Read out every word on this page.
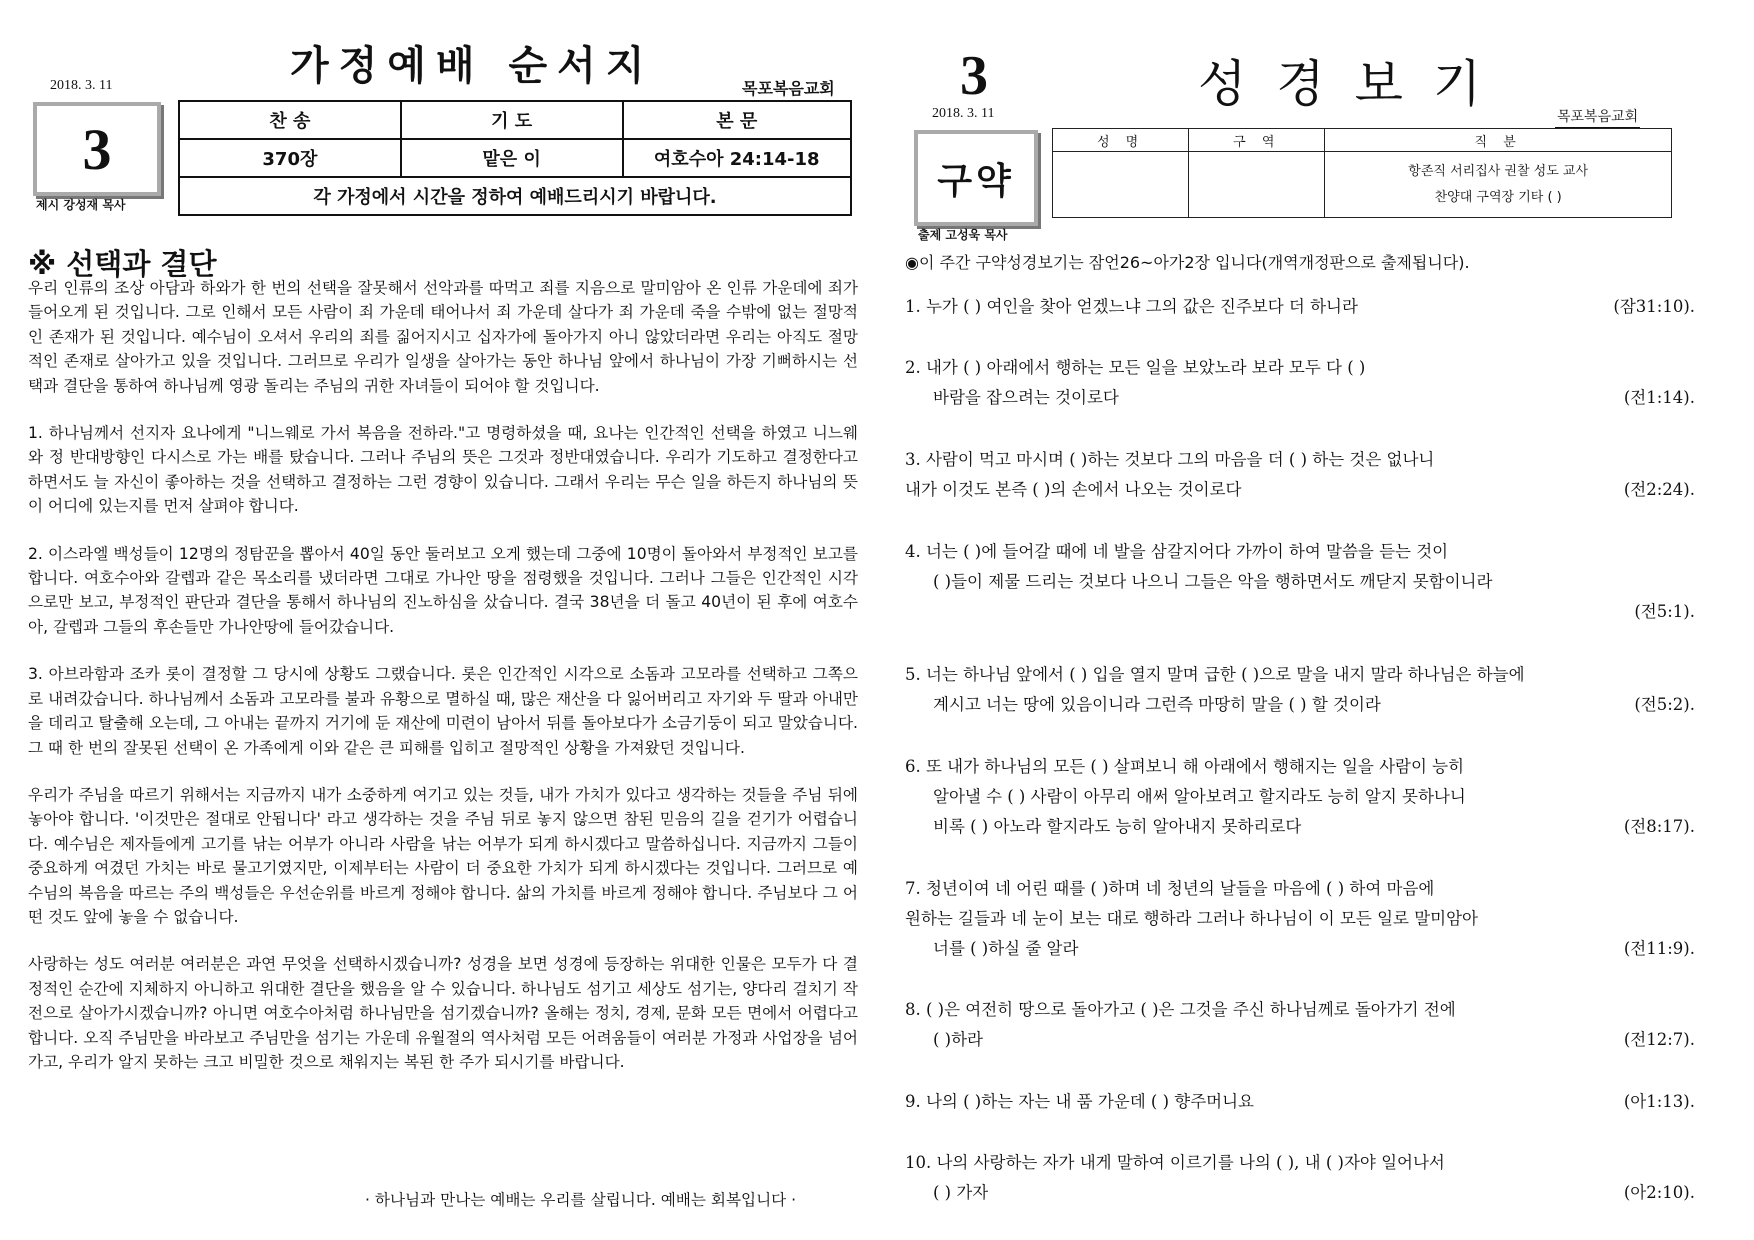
가정예배 순서지
2018. 3. 11	목포복음교회
3
제시 강성재 목사
찬 송	기 도	본 문
370장	맡은 이	여호수아 24:14-18
각 가정에서 시간을 정하여 예배드리시기 바랍니다.		
※ 선택과 결단

우리 인류의 조상 아담과 하와가 한 번의 선택을 잘못해서 선악과를 따먹고 죄를 지음으로 말미암아 온 인류 가운데에 죄가 들어오게 된 것입니다. 그로 인해서 모든 사람이 죄 가운데 태어나서 죄 가운데 살다가 죄 가운데 죽을 수밖에 없는 절망적인 존재가 된 것입니다. 예수님이 오셔서 우리의 죄를 짊어지시고 십자가에 돌아가지 아니 않았더라면 우리는 아직도 절망적인 존재로 살아가고 있을 것입니다. 그러므로 우리가 일생을 살아가는 동안 하나님 앞에서 하나님이 가장 기뻐하시는 선택과 결단을 통하여 하나님께 영광 돌리는 주님의 귀한 자녀들이 되어야 할 것입니다.

1. 하나님께서 선지자 요나에게 "니느웨로 가서 복음을 전하라."고 명령하셨을 때, 요나는 인간적인 선택을 하였고 니느웨와 정 반대방향인 다시스로 가는 배를 탔습니다. 그러나 주님의 뜻은 그것과 정반대였습니다. 우리가 기도하고 결정한다고 하면서도 늘 자신이 좋아하는 것을 선택하고 결정하는 그런 경향이 있습니다. 그래서 우리는 무슨 일을 하든지 하나님의 뜻이 어디에 있는지를 먼저 살펴야 합니다.

2. 이스라엘 백성들이 12명의 정탐꾼을 뽑아서 40일 동안 둘러보고 오게 했는데 그중에 10명이 돌아와서 부정적인 보고를 합니다. 여호수아와 갈렙과 같은 목소리를 냈더라면 그대로 가나안 땅을 점령했을 것입니다. 그러나 그들은 인간적인 시각으로만 보고, 부정적인 판단과 결단을 통해서 하나님의 진노하심을 샀습니다. 결국 38년을 더 돌고 40년이 된 후에 여호수아, 갈렙과 그들의 후손들만 가나안땅에 들어갔습니다.

3. 아브라함과 조카 롯이 결정할 그 당시에 상황도 그랬습니다. 롯은 인간적인 시각으로 소돔과 고모라를 선택하고 그쪽으로 내려갔습니다. 하나님께서 소돔과 고모라를 불과 유황으로 멸하실 때, 많은 재산을 다 잃어버리고 자기와 두 딸과 아내만을 데리고 탈출해 오는데, 그 아내는 끝까지 거기에 둔 재산에 미련이 남아서 뒤를 돌아보다가 소금기둥이 되고 말았습니다. 그 때 한 번의 잘못된 선택이 온 가족에게 이와 같은 큰 피해를 입히고 절망적인 상황을 가져왔던 것입니다.

우리가 주님을 따르기 위해서는 지금까지 내가 소중하게 여기고 있는 것들, 내가 가치가 있다고 생각하는 것들을 주님 뒤에 놓아야 합니다. '이것만은 절대로 안됩니다' 라고 생각하는 것을 주님 뒤로 놓지 않으면 참된 믿음의 길을 걷기가 어렵습니다. 예수님은 제자들에게 고기를 낚는 어부가 아니라 사람을 낚는 어부가 되게 하시겠다고 말씀하십니다. 지금까지 그들이 중요하게 여겼던 가치는 바로 물고기였지만, 이제부터는 사람이 더 중요한 가치가 되게 하시겠다는 것입니다. 그러므로 예수님의 복음을 따르는 주의 백성들은 우선순위를 바르게 정해야 합니다. 삶의 가치를 바르게 정해야 합니다. 주님보다 그 어떤 것도 앞에 놓을 수 없습니다.

사랑하는 성도 여러분 여러분은 과연 무엇을 선택하시겠습니까? 성경을 보면 성경에 등장하는 위대한 인물은 모두가 다 결정적인 순간에 지체하지 아니하고 위대한 결단을 했음을 알 수 있습니다. 하나님도 섬기고 세상도 섬기는, 양다리 걸치기 작전으로 살아가시겠습니까? 아니면 여호수아처럼 하나님만을 섬기겠습니까? 올해는 정치, 경제, 문화 모든 면에서 어렵다고 합니다. 오직 주님만을 바라보고 주님만을 섬기는 가운데 유월절의 역사처럼 모든 어려움들이 여러분 가정과 사업장을 넘어가고, 우리가 알지 못하는 크고 비밀한 것으로 채워지는 복된 한 주가 되시기를 바랍니다.

· 하나님과 만나는 예배는 우리를 살립니다. 예배는 회복입니다 ·
3	성경보기
2018. 3. 11	목포복음교회
구약
출제 고성욱 목사
성 명	구 역	직 분

		항존직 서리집사 권찰 성도 교사
찬양대 구역장 기타 ( )
◉이 주간 구약성경보기는 잠언26~아가2장 입니다(개역개정판으로 출제됩니다).
1. 누가 ( ) 여인을 찾아 얻겠느냐 그의 값은 진주보다 더 하니라	(잠31:10).
2. 내가 ( ) 아래에서 행하는 모든 일을 보았노라 보라 모두 다 ( )
바람을 잡으려는 것이로다	(전1:14).
3. 사람이 먹고 마시며 ( )하는 것보다 그의 마음을 더 ( ) 하는 것은 없나니
내가 이것도 본즉 ( )의 손에서 나오는 것이로다	(전2:24).
4. 너는 ( )에 들어갈 때에 네 발을 삼갈지어다 가까이 하여 말씀을 듣는 것이
( )들이 제물 드리는 것보다 나으니 그들은 악을 행하면서도 깨닫지 못함이니라
(전5:1).
5. 너는 하나님 앞에서 ( ) 입을 열지 말며 급한 ( )으로 말을 내지 말라 하나님은 하늘에
계시고 너는 땅에 있음이니라 그런즉 마땅히 말을 ( ) 할 것이라	(전5:2).
6. 또 내가 하나님의 모든 ( ) 살펴보니 해 아래에서 행해지는 일을 사람이 능히
알아낼 수 ( ) 사람이 아무리 애써 알아보려고 할지라도 능히 알지 못하나니
비록 ( ) 아노라 할지라도 능히 알아내지 못하리로다	(전8:17).
7. 청년이여 네 어린 때를 ( )하며 네 청년의 날들을 마음에 ( ) 하여 마음에
원하는 길들과 네 눈이 보는 대로 행하라 그러나 하나님이 이 모든 일로 말미암아
너를 ( )하실 줄 알라	(전11:9).
8. ( )은 여전히 땅으로 돌아가고 ( )은 그것을 주신 하나님께로 돌아가기 전에
( )하라	(전12:7).
9. 나의 ( )하는 자는 내 품 가운데 ( ) 향주머니요	(아1:13).
10. 나의 사랑하는 자가 내게 말하여 이르기를 나의 ( ), 내 ( )자야 일어나서
( ) 가자	(아2:10).
